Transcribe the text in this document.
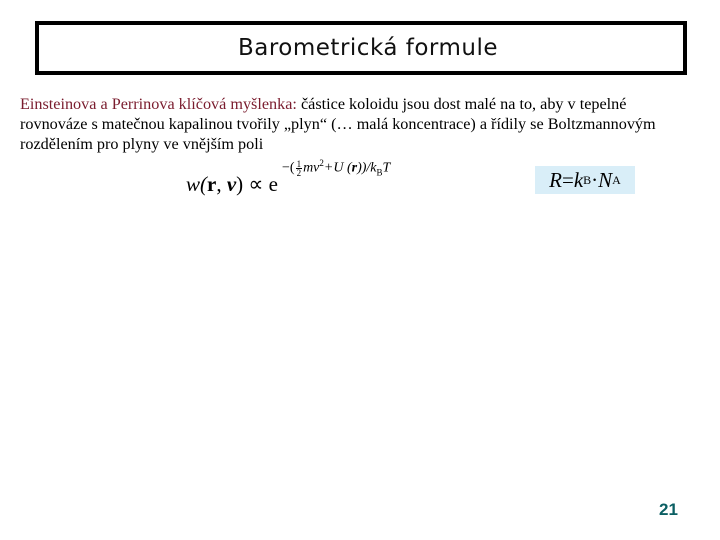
Barometrická formule
Einsteinova a Perrinova klíčová myšlenka: částice koloidu jsou dost malé na to, aby v tepelné rovnováze s matečnou kapalinou tvořily „plyn“ (… malá koncentrace) a řídily se Boltzmannovým rozdělením pro plyny ve vnějším poli
w(r, v) ∝ e
−( $\frac{1}{2}mv^2+U$ $(r))/k_BT$	R = k B · N A
21
